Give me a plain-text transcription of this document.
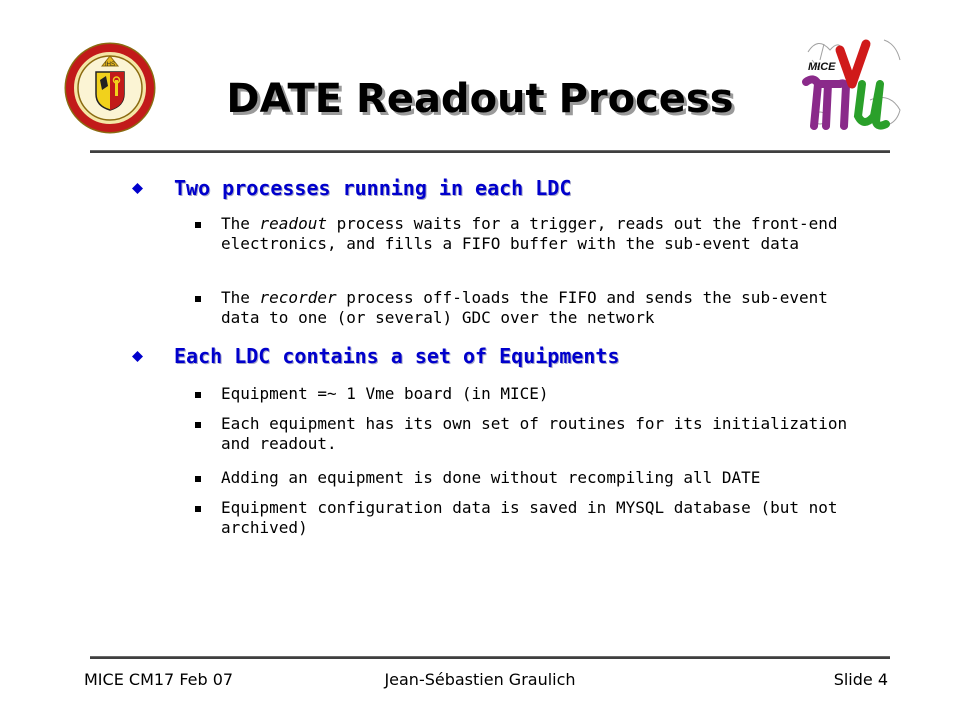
IHS	MICE
DATE Readout Process
Two processes running in each LDC
The readout process waits for a trigger, reads out the front-end electronics, and fills a FIFO buffer with the sub-event data
The recorder process off-loads the FIFO and sends the sub-event data to one (or several) GDC over the network
Each LDC contains a set of Equipments
Equipment =~ 1 Vme board (in MICE)
Each equipment has its own set of routines for its initialization and readout.
Adding an equipment is done without recompiling all DATE
Equipment configuration data is saved in MYSQL database (but not archived)
MICE CM17 Feb 07	Jean-Sébastien Graulich	Slide 4
